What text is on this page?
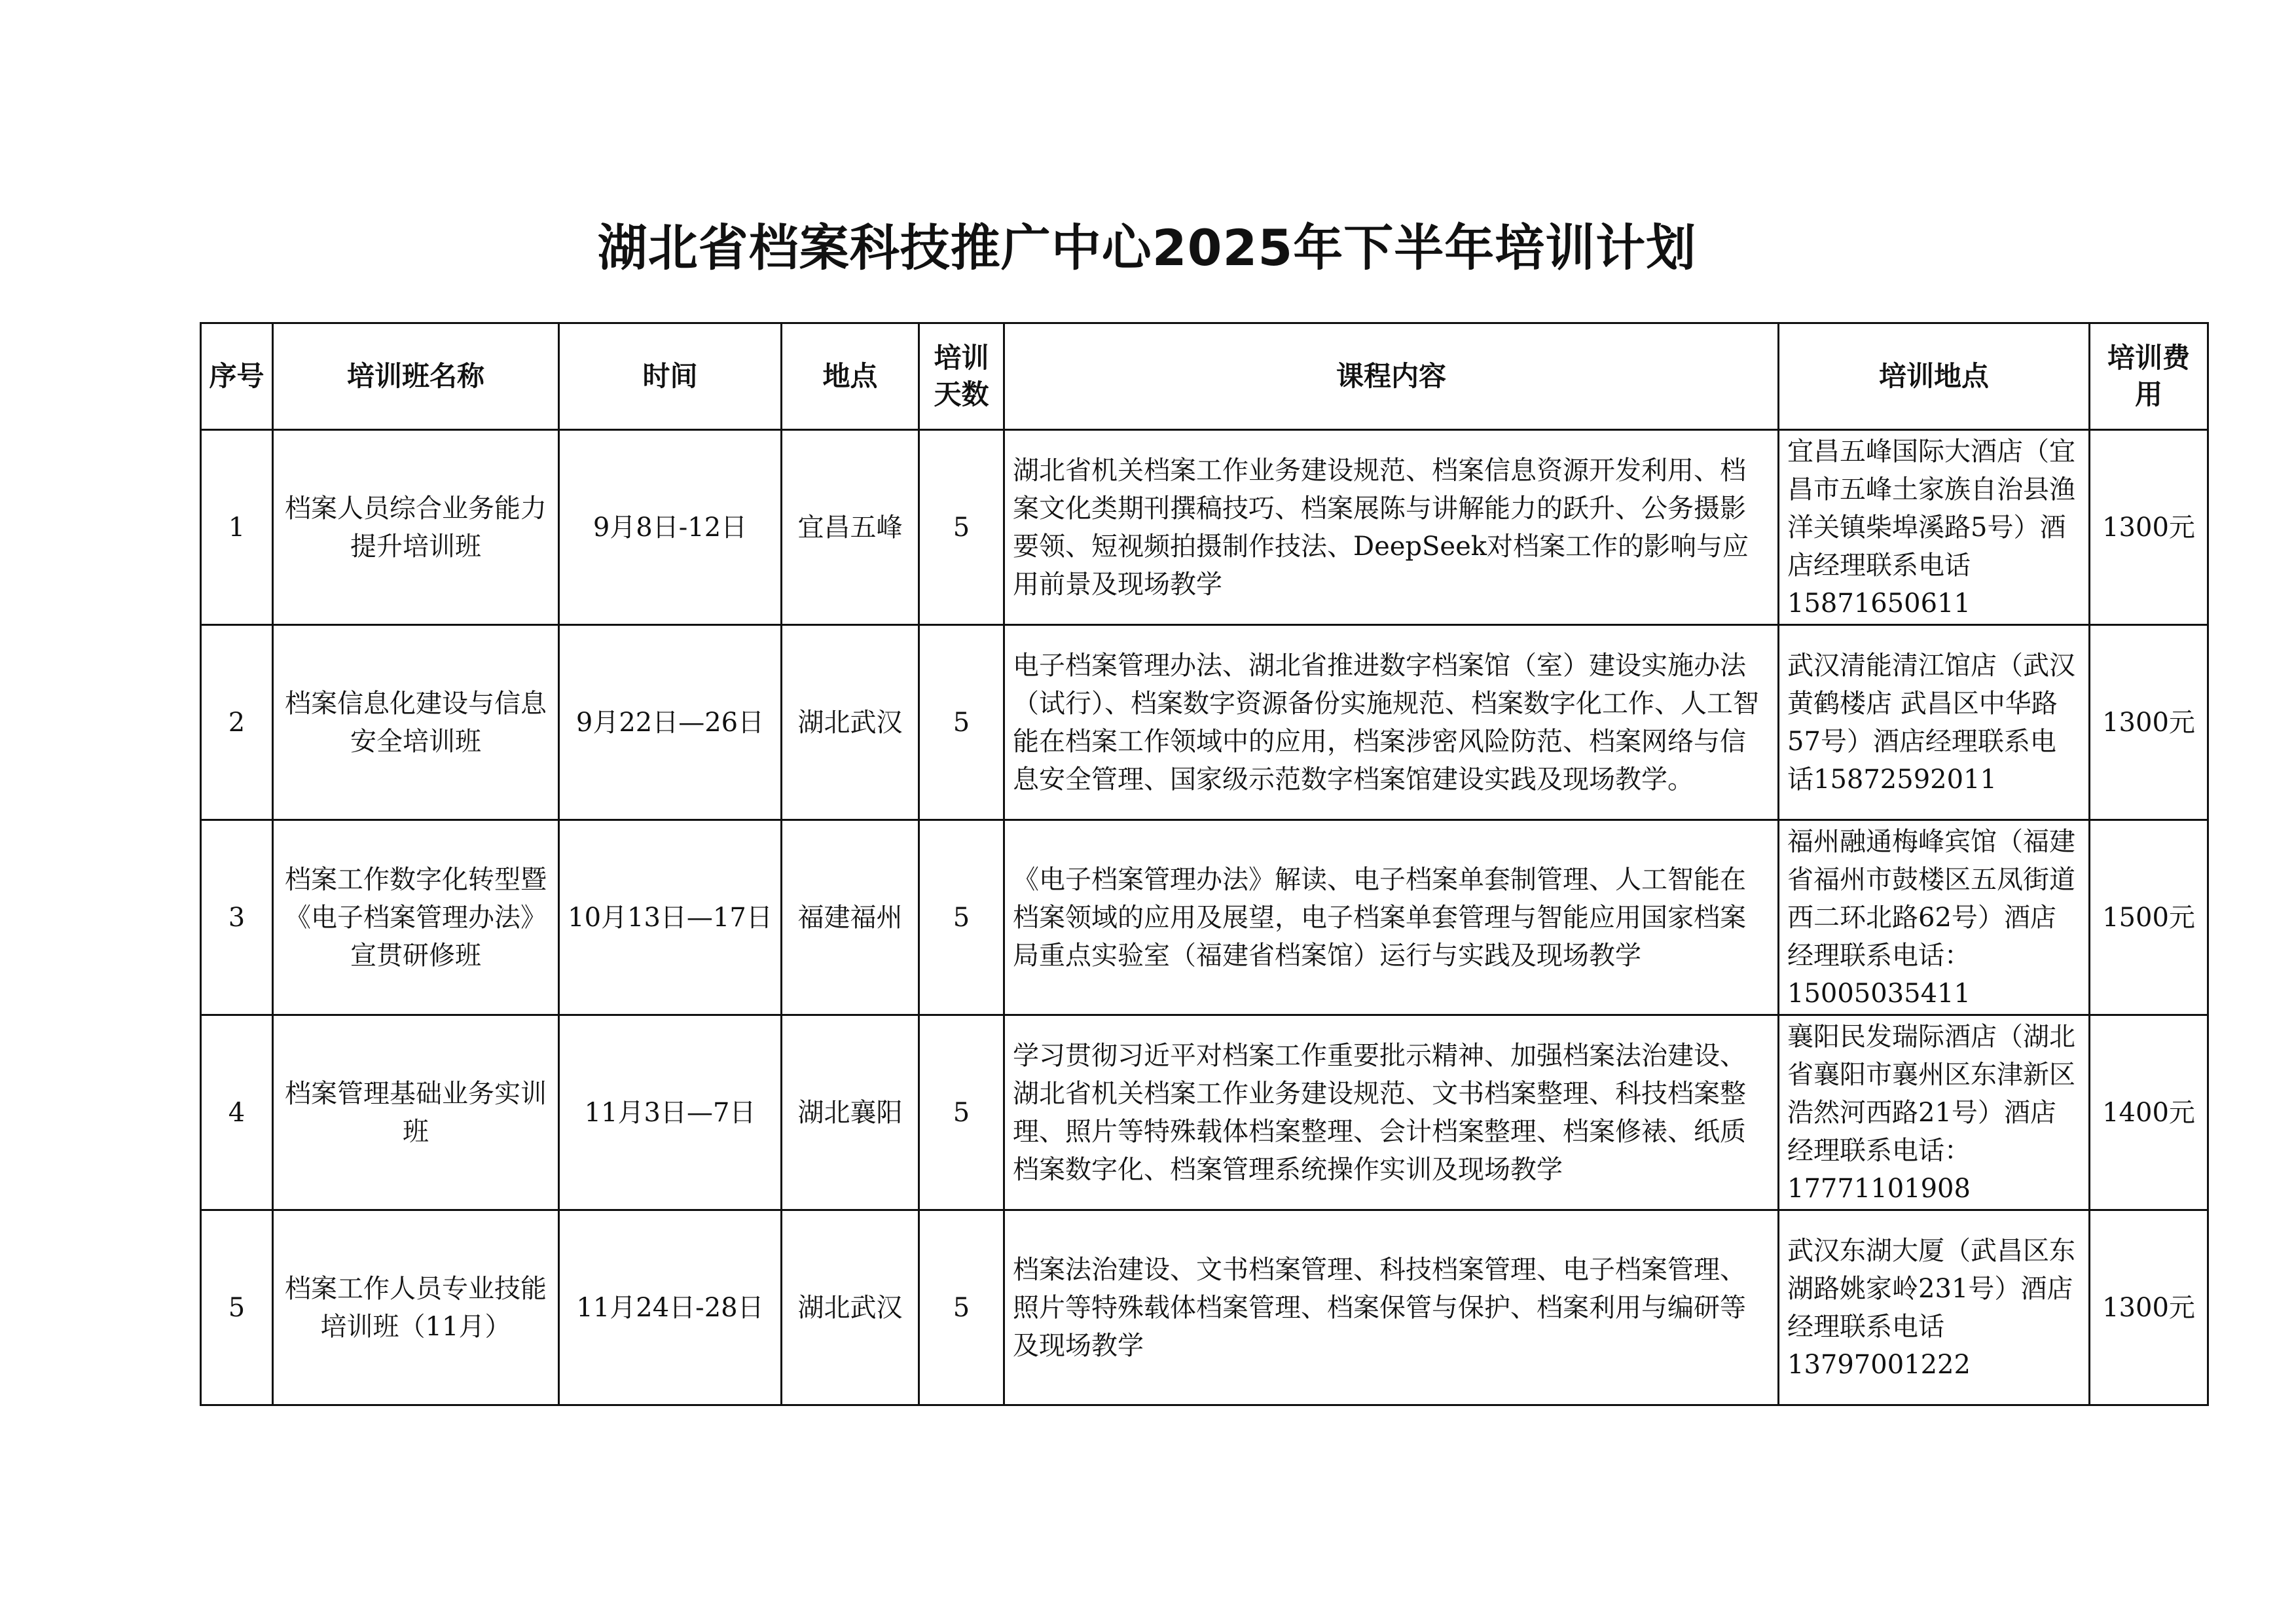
湖北省档案科技推广中心2025年下半年培训计划
序号	培训班名称	时间	地点	培训天数	课程内容	培训地点	培训费用
1	档案人员综合业务能力提升培训班	9月8日-12日	宜昌五峰	5	湖北省机关档案工作业务建设规范、档案信息资源开发利用、档案文化类期刊撰稿技巧、档案展陈与讲解能力的跃升、公务摄影要领、短视频拍摄制作技法、DeepSeek对档案工作的影响与应用前景及现场教学	宜昌五峰国际大酒店（宜昌市五峰土家族自治县渔洋关镇柴埠溪路5号）酒店经理联系电话15871650611	1300元
2	档案信息化建设与信息安全培训班	9月22日—26日	湖北武汉	5	电子档案管理办法、湖北省推进数字档案馆（室）建设实施办法（试行）、档案数字资源备份实施规范、档案数字化工作、人工智能在档案工作领域中的应用，档案涉密风险防范、档案网络与信息安全管理、国家级示范数字档案馆建设实践及现场教学。	武汉清能清江馆店（武汉黄鹤楼店 武昌区中华路57号）酒店经理联系电话15872592011	1300元
3	档案工作数字化转型暨《电子档案管理办法》宣贯研修班	10月13日—17日	福建福州	5	《电子档案管理办法》解读、电子档案单套制管理、人工智能在档案领域的应用及展望，电子档案单套管理与智能应用国家档案局重点实验室（福建省档案馆）运行与实践及现场教学	福州融通梅峰宾馆（福建省福州市鼓楼区五凤街道西二环北路62号）酒店经理联系电话：15005035411	1500元
4	档案管理基础业务实训班	11月3日—7日	湖北襄阳	5	学习贯彻习近平对档案工作重要批示精神、加强档案法治建设、湖北省机关档案工作业务建设规范、文书档案整理、科技档案整理、照片等特殊载体档案整理、会计档案整理、档案修裱、纸质档案数字化、档案管理系统操作实训及现场教学	襄阳民发瑞际酒店（湖北省襄阳市襄州区东津新区浩然河西路21号）酒店经理联系电话：17771101908	1400元
5	档案工作人员专业技能培训班（11月）	11月24日-28日	湖北武汉	5	档案法治建设、文书档案管理、科技档案管理、电子档案管理、照片等特殊载体档案管理、档案保管与保护、档案利用与编研等及现场教学	武汉东湖大厦（武昌区东湖路姚家岭231号）酒店经理联系电话13797001222	1300元
